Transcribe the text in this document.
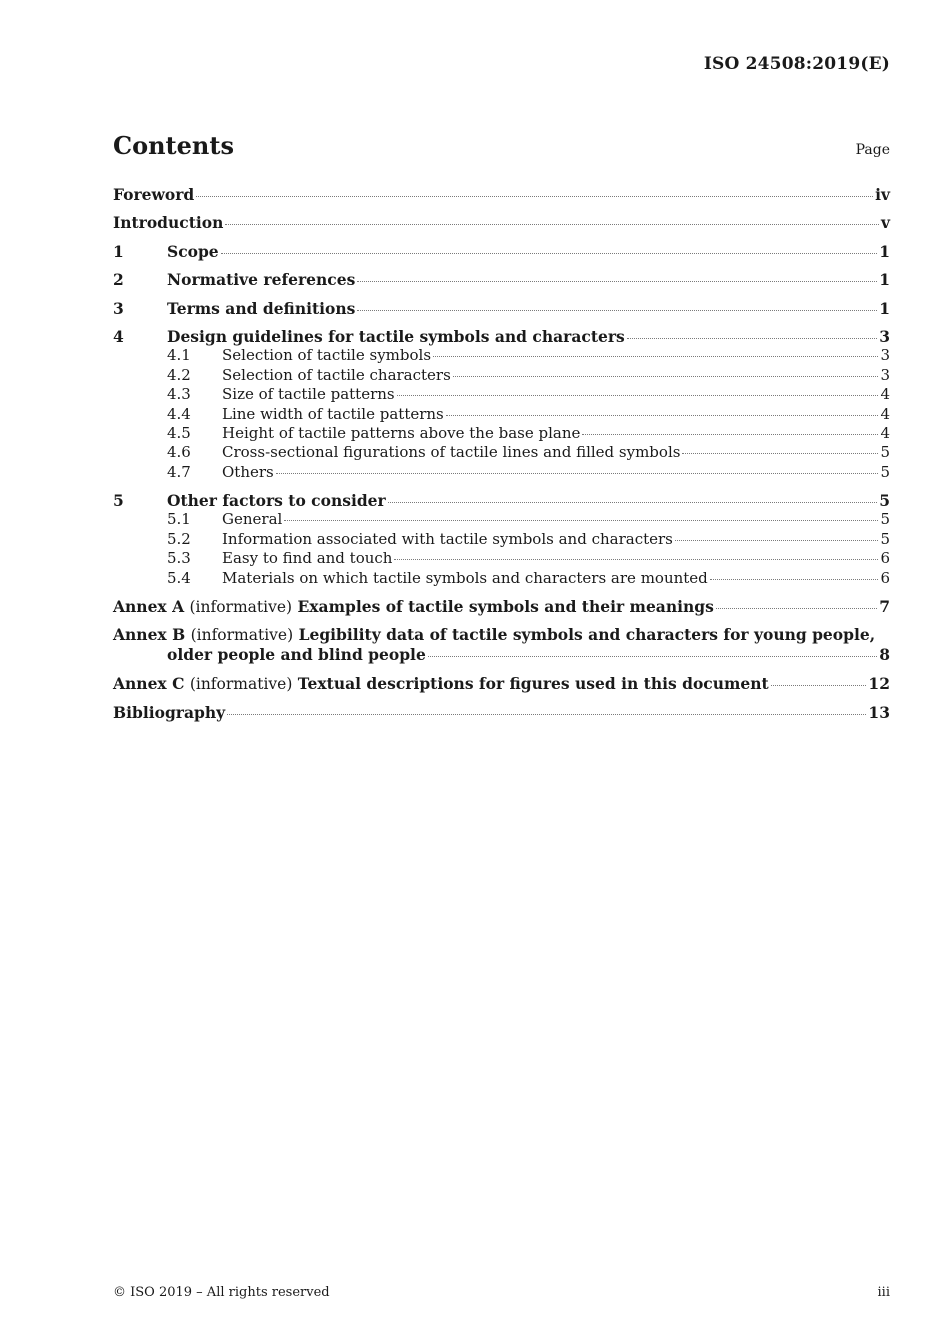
ISO 24508:2019(E)
Contents	Page
Foreword	iv
Introduction	v
1	Scope	1
2	Normative references	1
3	Terms and definitions	1
4	Design guidelines for tactile symbols and characters	3
4.1	Selection of tactile symbols	3
4.2	Selection of tactile characters	3
4.3	Size of tactile patterns	4
4.4	Line width of tactile patterns	4
4.5	Height of tactile patterns above the base plane	4
4.6	Cross-sectional figurations of tactile lines and filled symbols	5
4.7	Others	5
5	Other factors to consider	5
5.1	General	5
5.2	Information associated with tactile symbols and characters	5
5.3	Easy to find and touch	6
5.4	Materials on which tactile symbols and characters are mounted	6
Annex A (informative) Examples of tactile symbols and their meanings	7
Annex B (informative) Legibility data of tactile symbols and characters for young people,
older people and blind people	8
Annex C (informative) Textual descriptions for figures used in this document	12
Bibliography	13
© ISO 2019 – All rights reserved	iii
